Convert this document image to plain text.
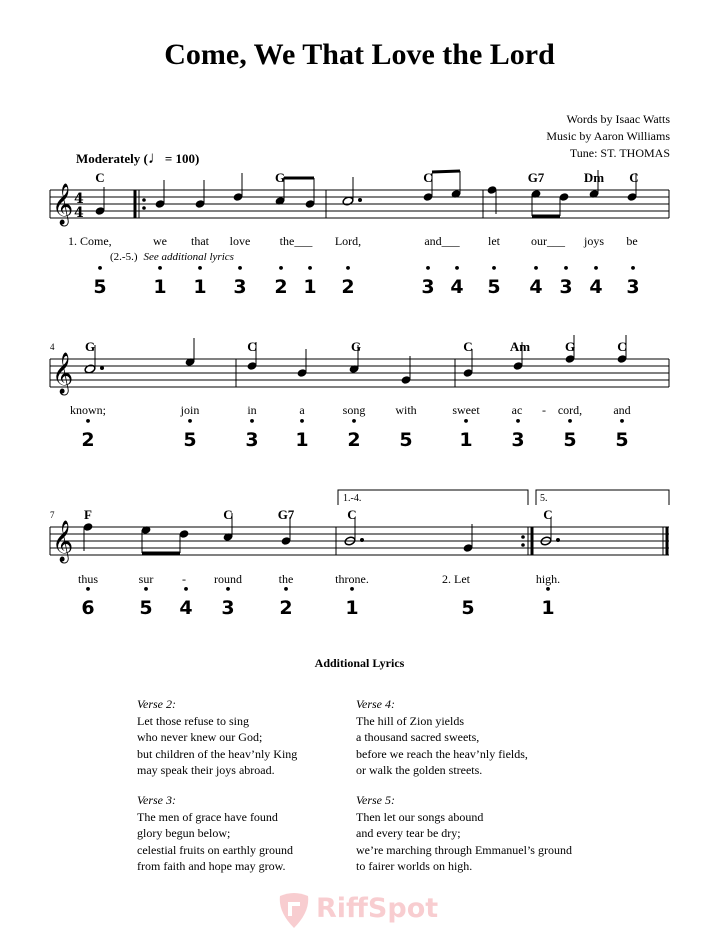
Come, We That Love the Lord
Words by Isaac Watts
Music by Aaron Williams
Tune: ST. THOMAS
Moderately (♩= 100)
𝄞
𝄞
𝄞
4
4
4
7
1.-4.	5.
C	G	C	G7	Dm C
1. Come,	we that love the___ Lord,	and___ let	our___ joys be
(2.-5.) See additional lyrics
• 5 • 1 • 1 • 3 • 2 • 1 • 2	• 3 • 4 • 5 • 4 • 3 • 4 • 3
G	C	G	C	Am	G	C
known;	join	in	a	song with	sweet	ac - cord,	and
• 2	• 5	• 3 • 1 • 2 5 • 1 • 3 • 5 • 5
F	C	G7	C	C
thus	sur - round	the	throne.	2. Let	high.
• 6 • 5 • 4 • 3 • 2	• 1	5	• 1
Additional Lyrics
Verse 2:
Let those refuse to sing
who never knew our God;
but children of the heav’nly King
may speak their joys abroad.
Verse 3:
The men of grace have found
glory begun below;
celestial fruits on earthly ground
from faith and hope may grow.
Verse 4:
The hill of Zion yields
a thousand sacred sweets,
before we reach the heav’nly fields,
or walk the golden streets.
Verse 5:
Then let our songs abound
and every tear be dry;
we’re marching through Emmanuel’s ground
to fairer worlds on high.
RiffSpot
